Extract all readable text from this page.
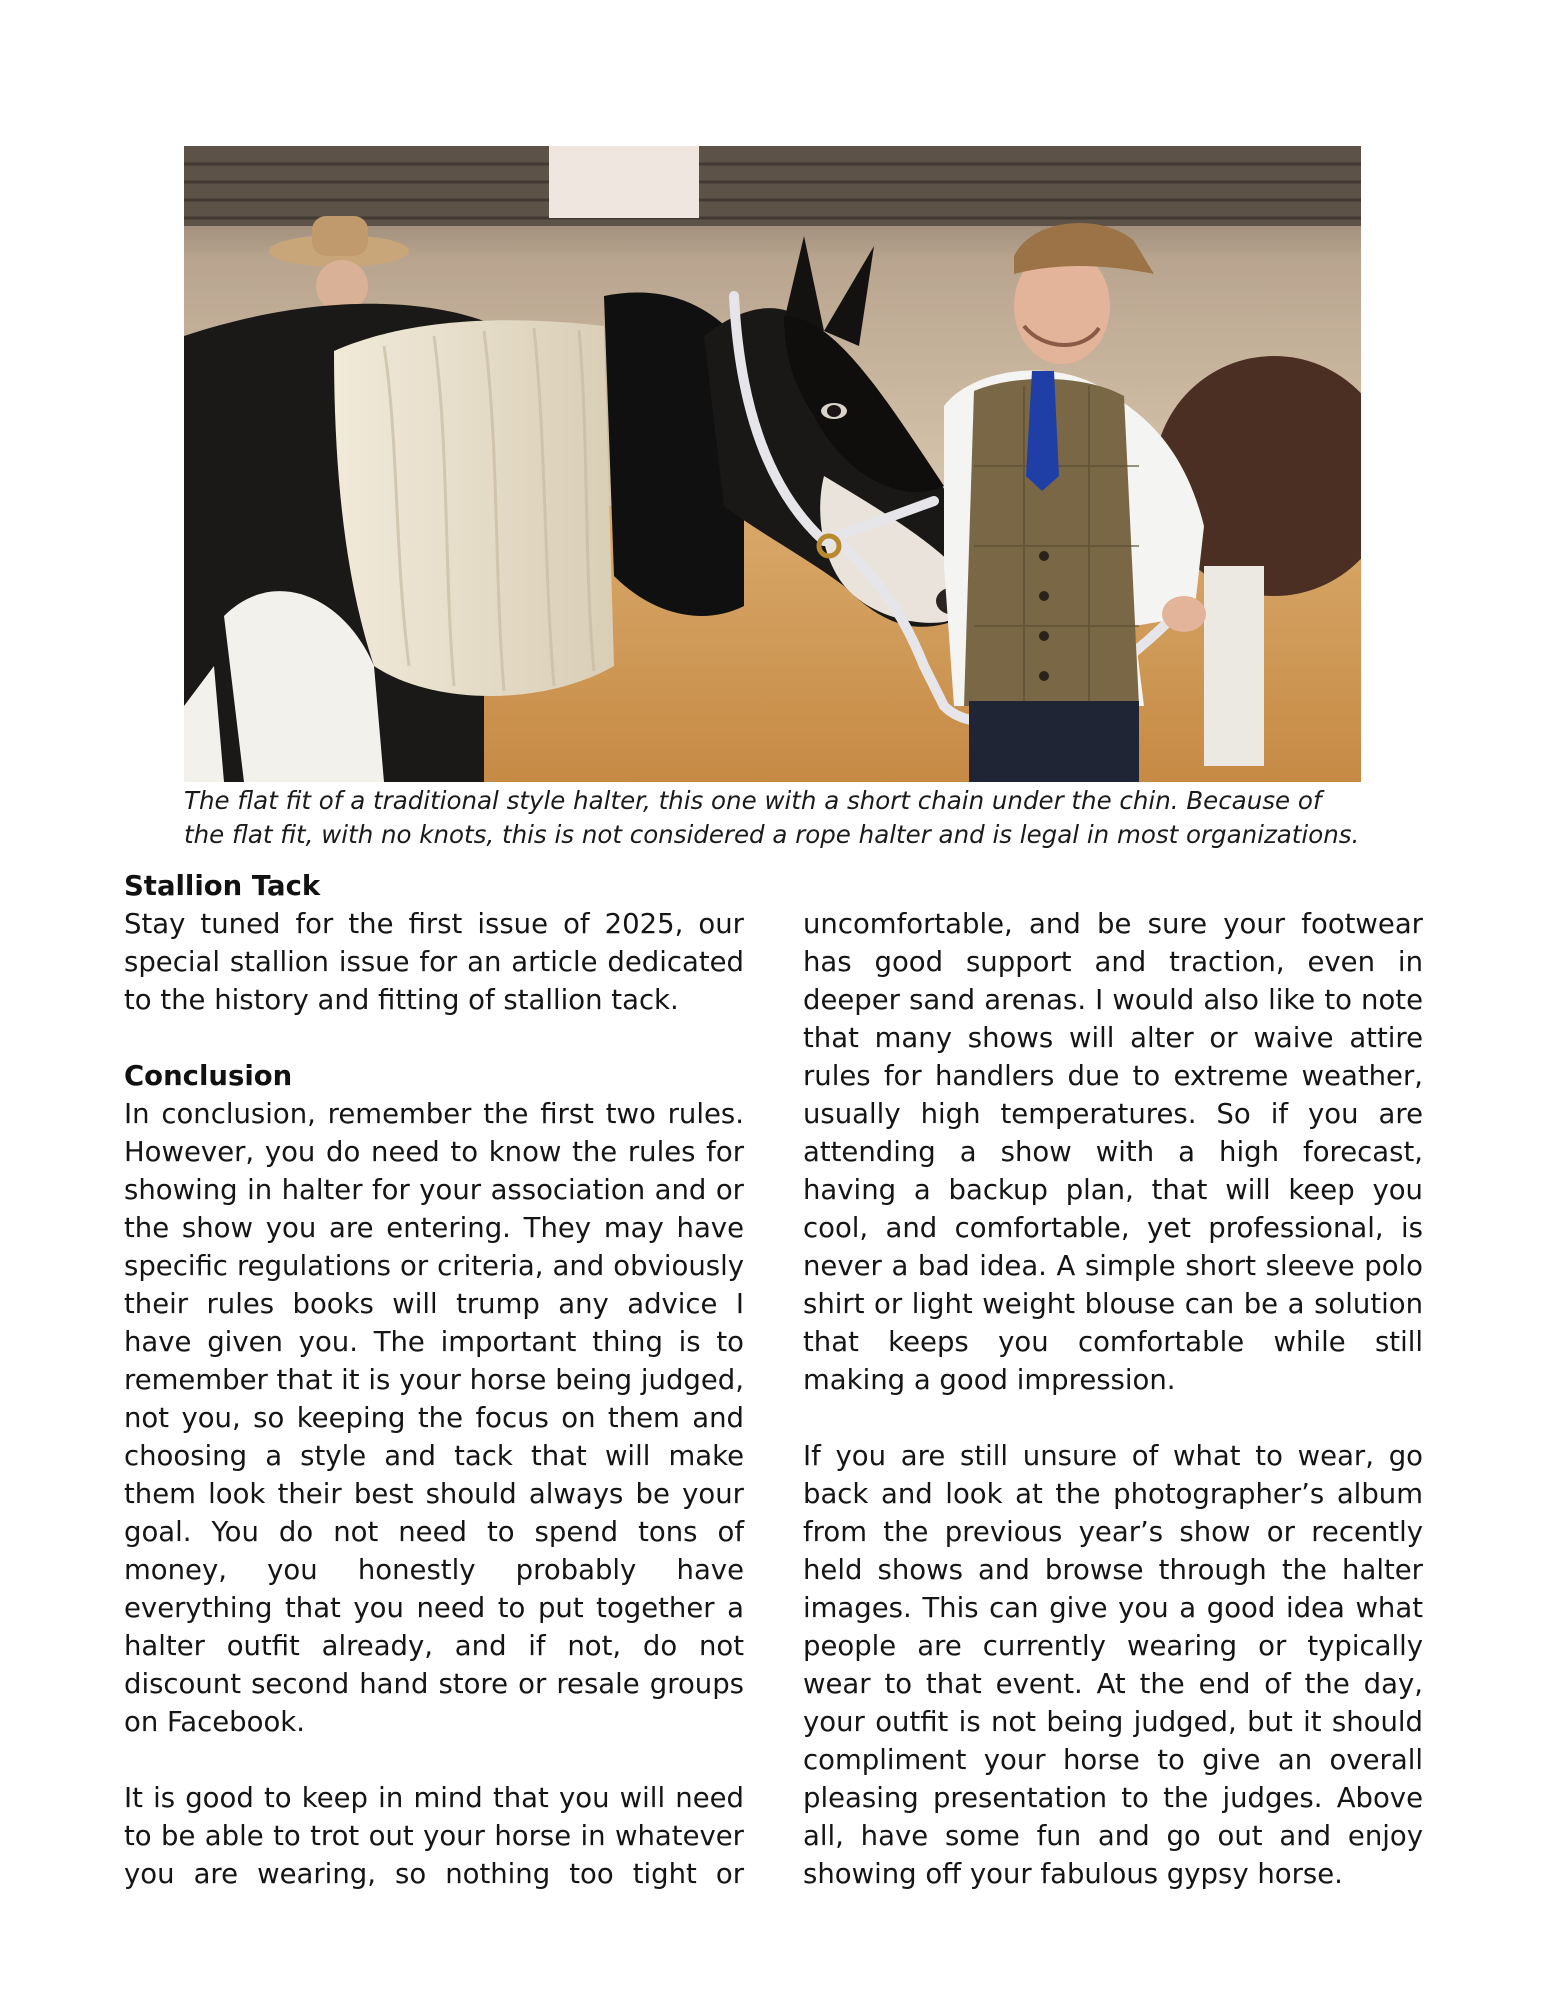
The flat fit of a traditional style halter, this one with a short chain under the chin. Because of

the flat fit, with no knots, this is not considered a rope halter and is legal in most organizations.

Stallion Tack

Stay tuned for the first issue of 2025, our special stallion issue for an article dedicated to the history and fitting of stallion tack.

Conclusion

In conclusion, remember the first two rules. However, you do need to know the rules for showing in halter for your association and or the show you are entering. They may have specific regulations or criteria, and obviously their rules books will trump any advice I have given you. The important thing is to remember that it is your horse being judged, not you, so keeping the focus on them and choosing a style and tack that will make them look their best should always be your goal. You do not need to spend tons of money, you honestly probably have everything that you need to put together a halter outfit already, and if not, do not discount second hand store or resale groups on Facebook.

It is good to keep in mind that you will need to be able to trot out your horse in whatever you are wearing, so nothing too tight or

uncomfortable, and be sure your footwear has good support and traction, even in deeper sand arenas. I would also like to note that many shows will alter or waive attire rules for handlers due to extreme weather, usually high temperatures. So if you are attending a show with a high forecast, having a backup plan, that will keep you cool, and comfortable, yet professional, is never a bad idea. A simple short sleeve polo shirt or light weight blouse can be a solution that keeps you comfortable while still making a good impression.

If you are still unsure of what to wear, go back and look at the photographer’s album from the previous year’s show or recently held shows and browse through the halter images. This can give you a good idea what people are currently wearing or typically wear to that event. At the end of the day, your outfit is not being judged, but it should compliment your horse to give an overall pleasing presentation to the judges. Above all, have some fun and go out and enjoy showing off your fabulous gypsy horse.
